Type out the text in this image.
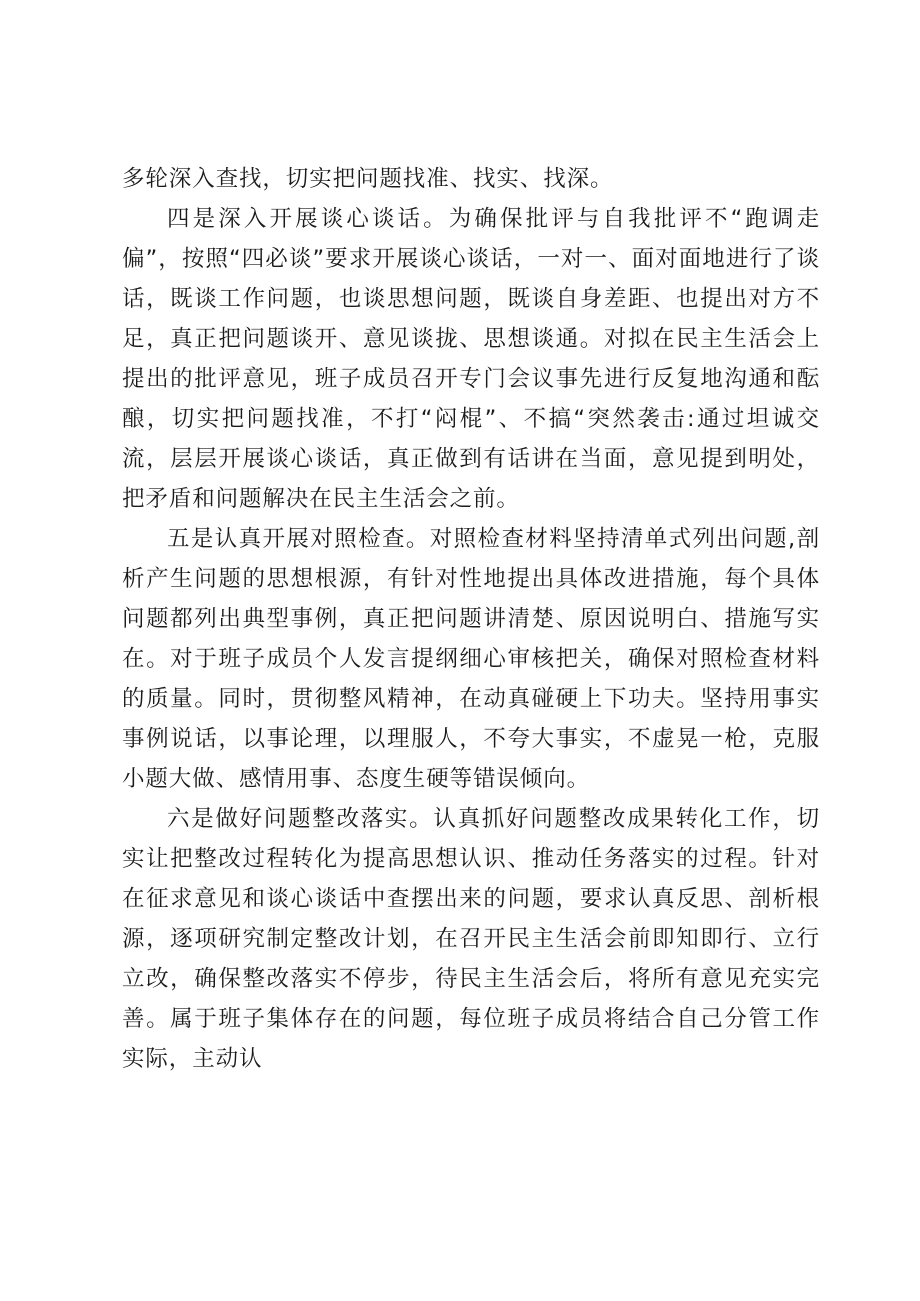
多轮深入查找，切实把问题找准、找实、找深。

四是深入开展谈心谈话。为确保批评与自我批评不“跑调走偏”，按照“四必谈”要求开展谈心谈话，一对一、面对面地进行了谈话，既谈工作问题，也谈思想问题，既谈自身差距、也提出对方不足，真正把问题谈开、意见谈拢、思想谈通。对拟在民主生活会上提出的批评意见，班子成员召开专门会议事先进行反复地沟通和酝酿，切实把问题找准，不打“闷棍”、不搞“突然袭击:通过坦诚交流，层层开展谈心谈话，真正做到有话讲在当面，意见提到明处，把矛盾和问题解决在民主生活会之前。

五是认真开展对照检查。对照检查材料坚持清单式列出问题,剖析产生问题的思想根源，有针对性地提出具体改进措施，每个具体问题都列出典型事例，真正把问题讲清楚、原因说明白、措施写实在。对于班子成员个人发言提纲细心审核把关，确保对照检查材料的质量。同时，贯彻整风精神，在动真碰硬上下功夫。坚持用事实事例说话，以事论理，以理服人，不夸大事实，不虚晃一枪，克服小题大做、感情用事、态度生硬等错误倾向。

六是做好问题整改落实。认真抓好问题整改成果转化工作，切实让把整改过程转化为提高思想认识、推动任务落实的过程。针对在征求意见和谈心谈话中查摆出来的问题，要求认真反思、剖析根源，逐项研究制定整改计划，在召开民主生活会前即知即行、立行立改，确保整改落实不停步，待民主生活会后，将所有意见充实完善。属于班子集体存在的问题，每位班子成员将结合自己分管工作实际，主动认
